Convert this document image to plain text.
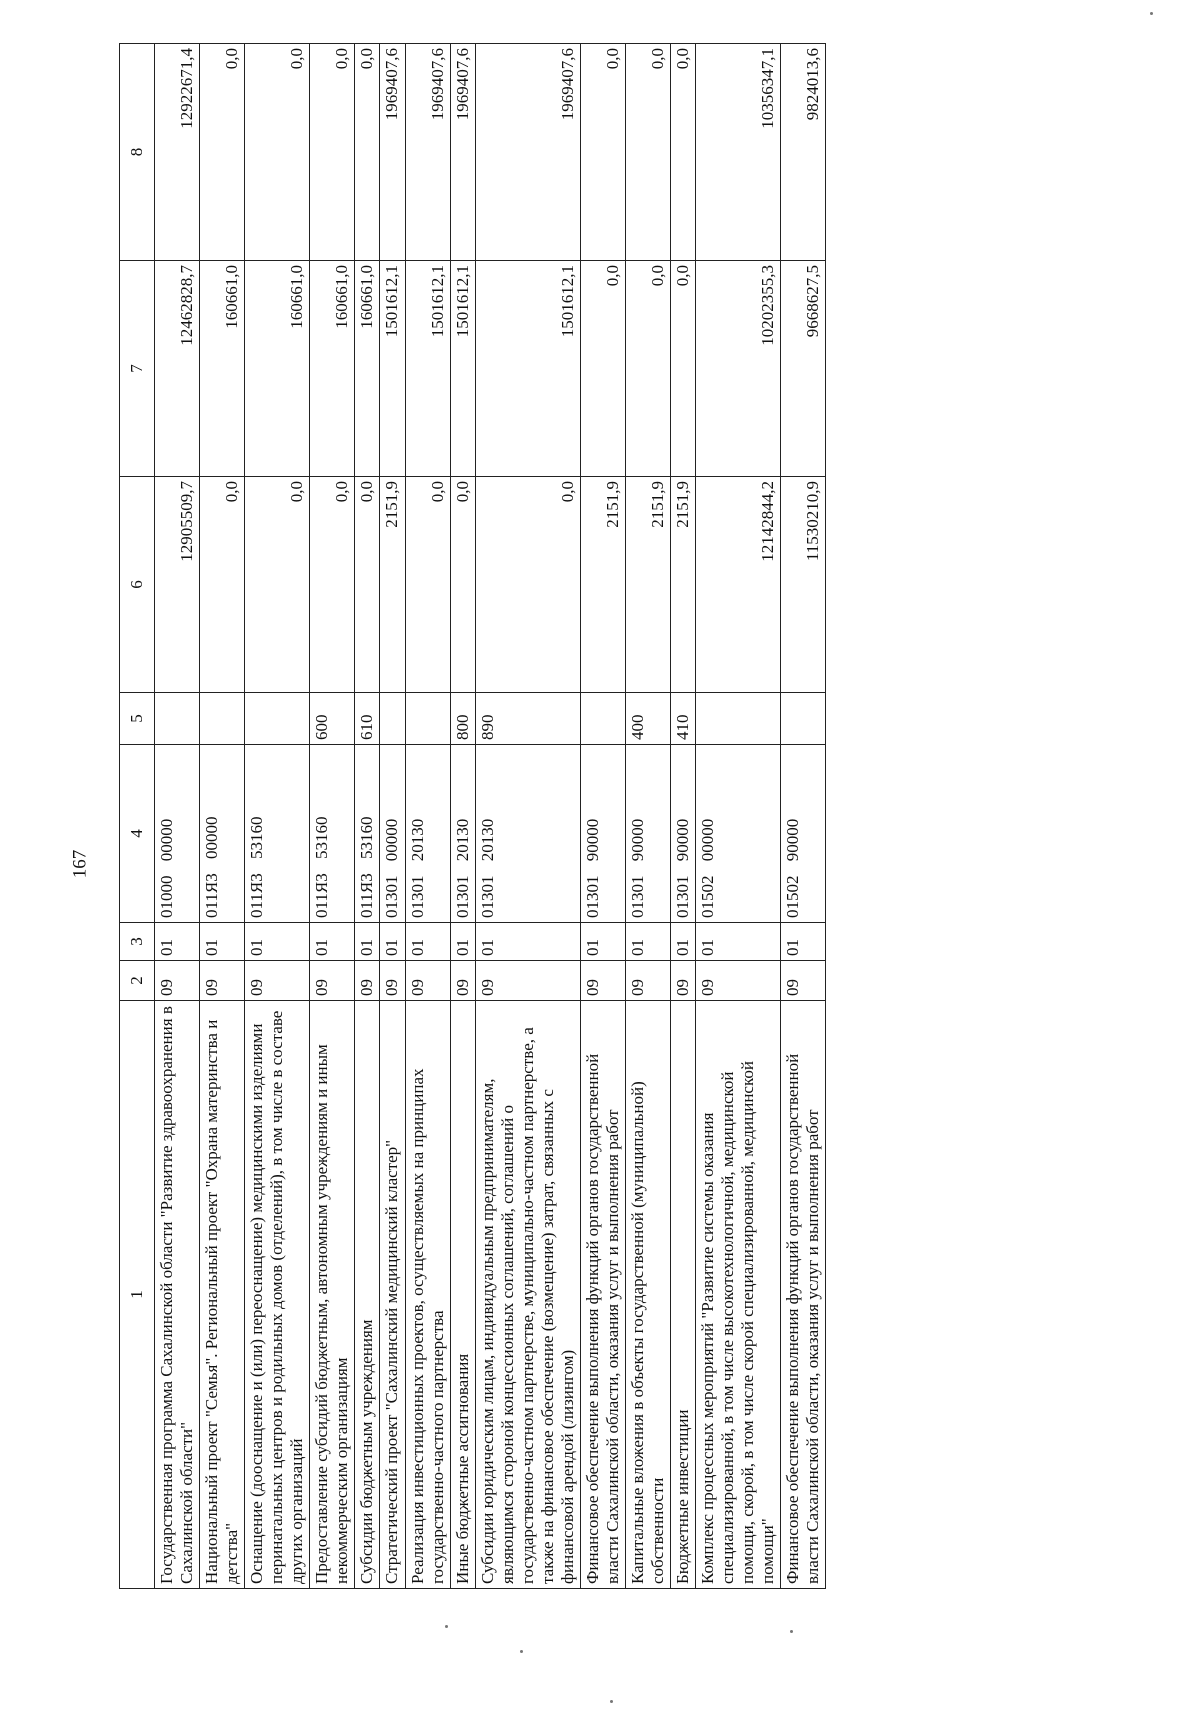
167
1	2	3	4	5	6	7	8
Государственная программа Сахалинской области "Развитие здравоохранения в Сахалинской области"	09	01	01000 00000		12905509,7	12462828,7	12922671,4
Национальный проект "Семья". Региональный проект "Охрана материнства и детства"	09	01	011Я3 00000		0,0	160661,0	0,0
Оснащение (дооснащение и (или) переоснащение) медицинскими изделиями перинатальных центров и родильных домов (отделений), в том числе в составе других организаций	09	01	011Я3 53160		0,0	160661,0	0,0
Предоставление субсидий бюджетным, автономным учреждениям и иным некоммерческим организациям	09	01	011Я3 53160	600	0,0	160661,0	0,0
Субсидии бюджетным учреждениям	09	01	011Я3 53160	610	0,0	160661,0	0,0
Стратегический проект "Сахалинский медицинский кластер"	09	01	01301 00000		2151,9	1501612,1	1969407,6
Реализация инвестиционных проектов, осуществляемых на принципах государственно-частного партнерства	09	01	01301 20130		0,0	1501612,1	1969407,6
Иные бюджетные ассигнования	09	01	01301 20130	800	0,0	1501612,1	1969407,6
Субсидии юридическим лицам, индивидуальным предпринимателям, являющимся стороной концессионных соглашений, соглашений о государственно-частном партнерстве, муниципально-частном партнерстве, а также на финансовое обеспечение (возмещение) затрат, связанных с финансовой арендой (лизингом)	09	01	01301 20130	890	0,0	1501612,1	1969407,6
Финансовое обеспечение выполнения функций органов государственной власти Сахалинской области, оказания услуг и выполнения работ	09	01	01301 90000		2151,9	0,0	0,0
Капитальные вложения в объекты государственной (муниципальной) собственности	09	01	01301 90000	400	2151,9	0,0	0,0
Бюджетные инвестиции	09	01	01301 90000	410	2151,9	0,0	0,0
Комплекс процессных мероприятий "Развитие системы оказания специализированной, в том числе высокотехнологичной, медицинской помощи, скорой, в том числе скорой специализированной, медицинской помощи"	09	01	01502 00000		12142844,2	10202355,3	10356347,1
Финансовое обеспечение выполнения функций органов государственной власти Сахалинской области, оказания услуг и выполнения работ	09	01	01502 90000		11530210,9	9668627,5	9824013,6
